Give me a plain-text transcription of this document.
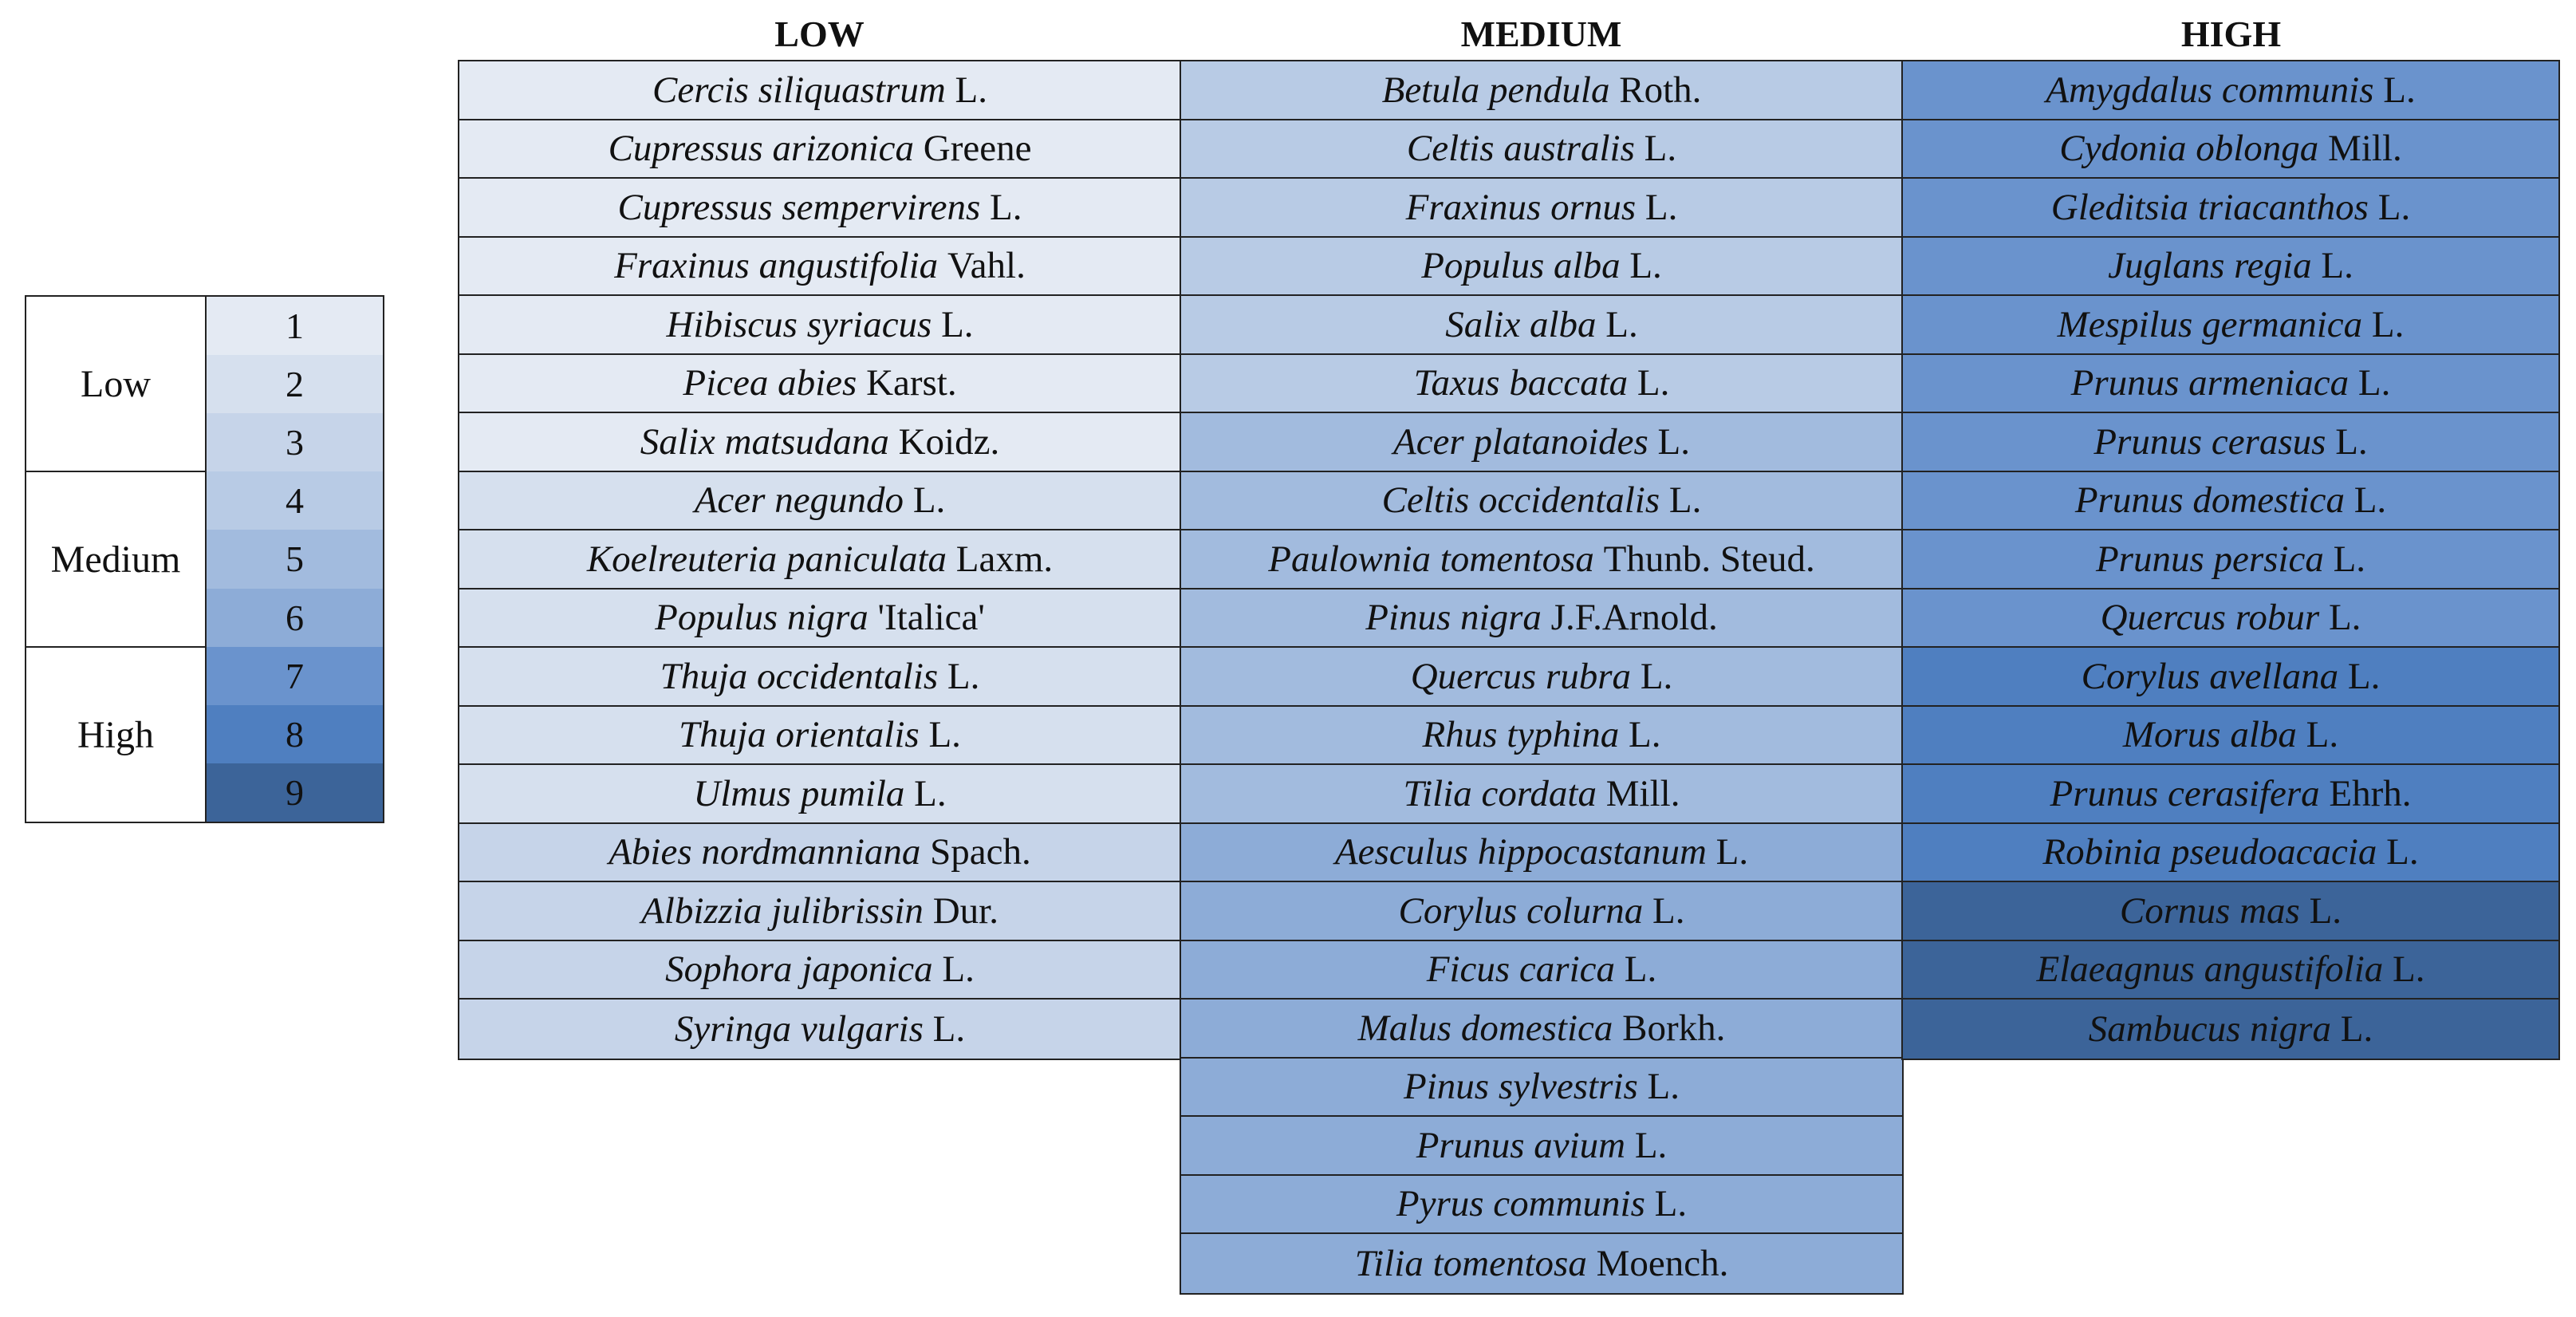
Low
Medium
High
1
2
3
4
5
6
7
8
9
LOW	MEDIUM	HIGH
Cercis siliquastrum
L.
Cupressus arizonica
Greene
Cupressus sempervirens
L.
Fraxinus angustifolia
Vahl.
Hibiscus syriacus
L.
Picea abies
Karst.
Salix matsudana
Koidz.
Acer negundo
L.
Koelreuteria paniculata
Laxm.
Populus nigra
'Italica'
Thuja occidentalis
L.
Thuja orientalis
L.
Ulmus pumila
L.
Abies nordmanniana
Spach.
Albizzia julibrissin
Dur.
Sophora japonica
L.
Syringa vulgaris
L.
Betula pendula
Roth.
Celtis australis
L.
Fraxinus ornus
L.
Populus alba
L.
Salix alba
L.
Taxus baccata
L.
Acer platanoides
L.
Celtis occidentalis
L.
Paulownia tomentosa
Thunb. Steud.
Pinus nigra
J.F.Arnold.
Quercus rubra
L.
Rhus typhina
L.
Tilia cordata
Mill.
Aesculus hippocastanum
L.
Corylus colurna
L.
Ficus carica
L.
Malus domestica
Borkh.
Pinus sylvestris
L.
Prunus avium
L.
Pyrus communis
L.
Tilia tomentosa
Moench.
Amygdalus communis
L.
Cydonia oblonga
Mill.
Gleditsia triacanthos
L.
Juglans regia
L.
Mespilus germanica
L.
Prunus armeniaca
L.
Prunus cerasus
L.
Prunus domestica
L.
Prunus persica
L.
Quercus robur
L.
Corylus avellana
L.
Morus alba
L.
Prunus cerasifera
Ehrh.
Robinia pseudoacacia
L.
Cornus mas
L.
Elaeagnus angustifolia
L.
Sambucus nigra
L.
